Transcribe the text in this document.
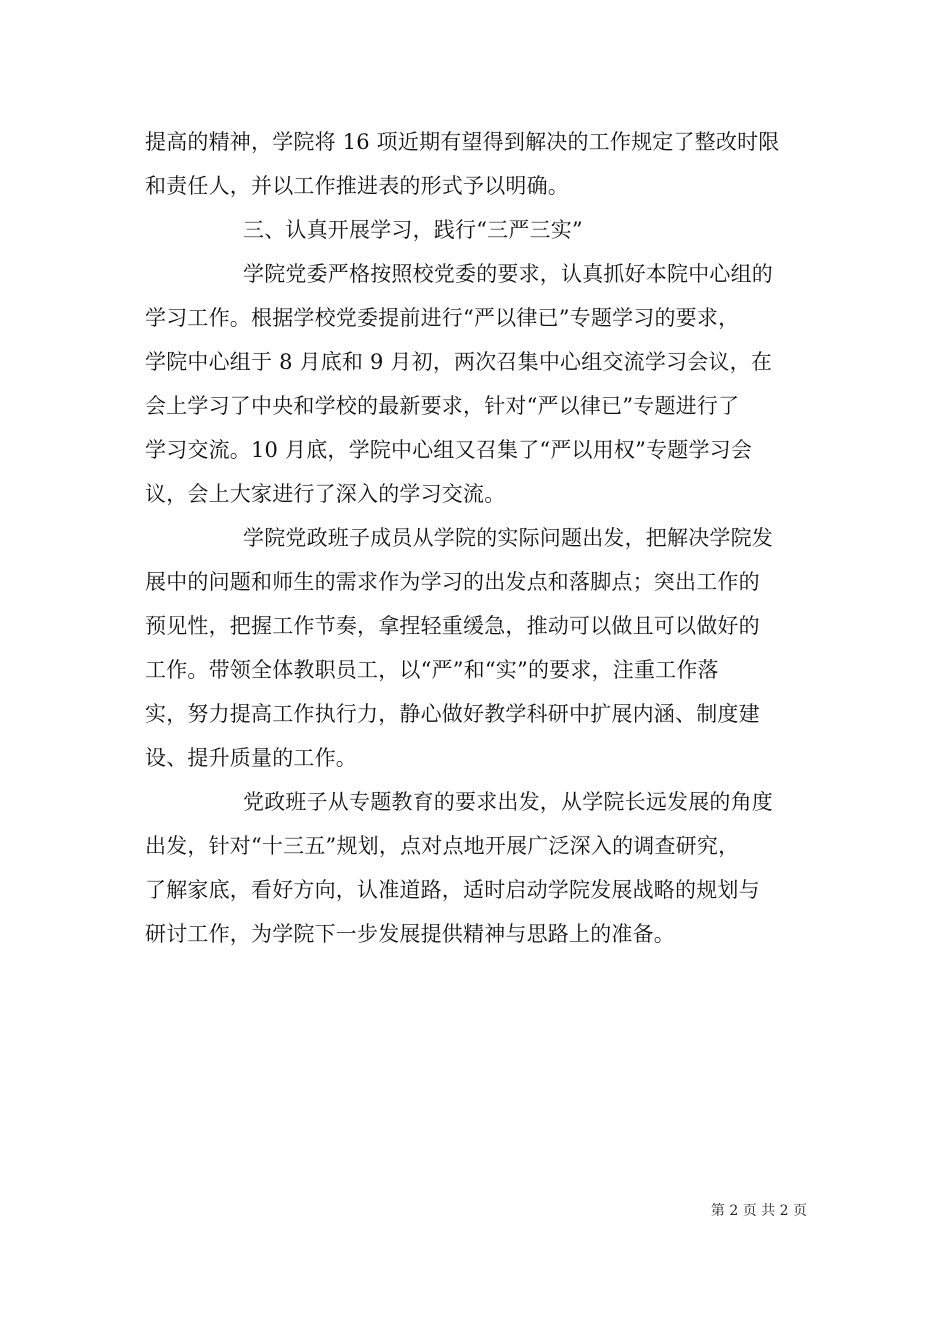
提高的精神，学院将 16 项近期有望得到解决的工作规定了整改时限
和责任人，并以工作推进表的形式予以明确。
三、认真开展学习，践行“三严三实”
学院党委严格按照校党委的要求，认真抓好本院中心组的
学习工作。根据学校党委提前进行“严以律已”专题学习的要求，
学院中心组于 8 月底和 9 月初，两次召集中心组交流学习会议，在
会上学习了中央和学校的最新要求，针对“严以律已”专题进行了
学习交流。10 月底，学院中心组又召集了“严以用权”专题学习会
议，会上大家进行了深入的学习交流。
学院党政班子成员从学院的实际问题出发，把解决学院发
展中的问题和师生的需求作为学习的出发点和落脚点；突出工作的
预见性，把握工作节奏，拿捏轻重缓急，推动可以做且可以做好的
工作。带领全体教职员工，以“严”和“实”的要求，注重工作落
实，努力提高工作执行力，静心做好教学科研中扩展内涵、制度建
设、提升质量的工作。
党政班子从专题教育的要求出发，从学院长远发展的角度
出发，针对“十三五”规划，点对点地开展广泛深入的调查研究，
了解家底，看好方向，认准道路，适时启动学院发展战略的规划与
研讨工作，为学院下一步发展提供精神与思路上的准备。
第 2 页 共 2 页
